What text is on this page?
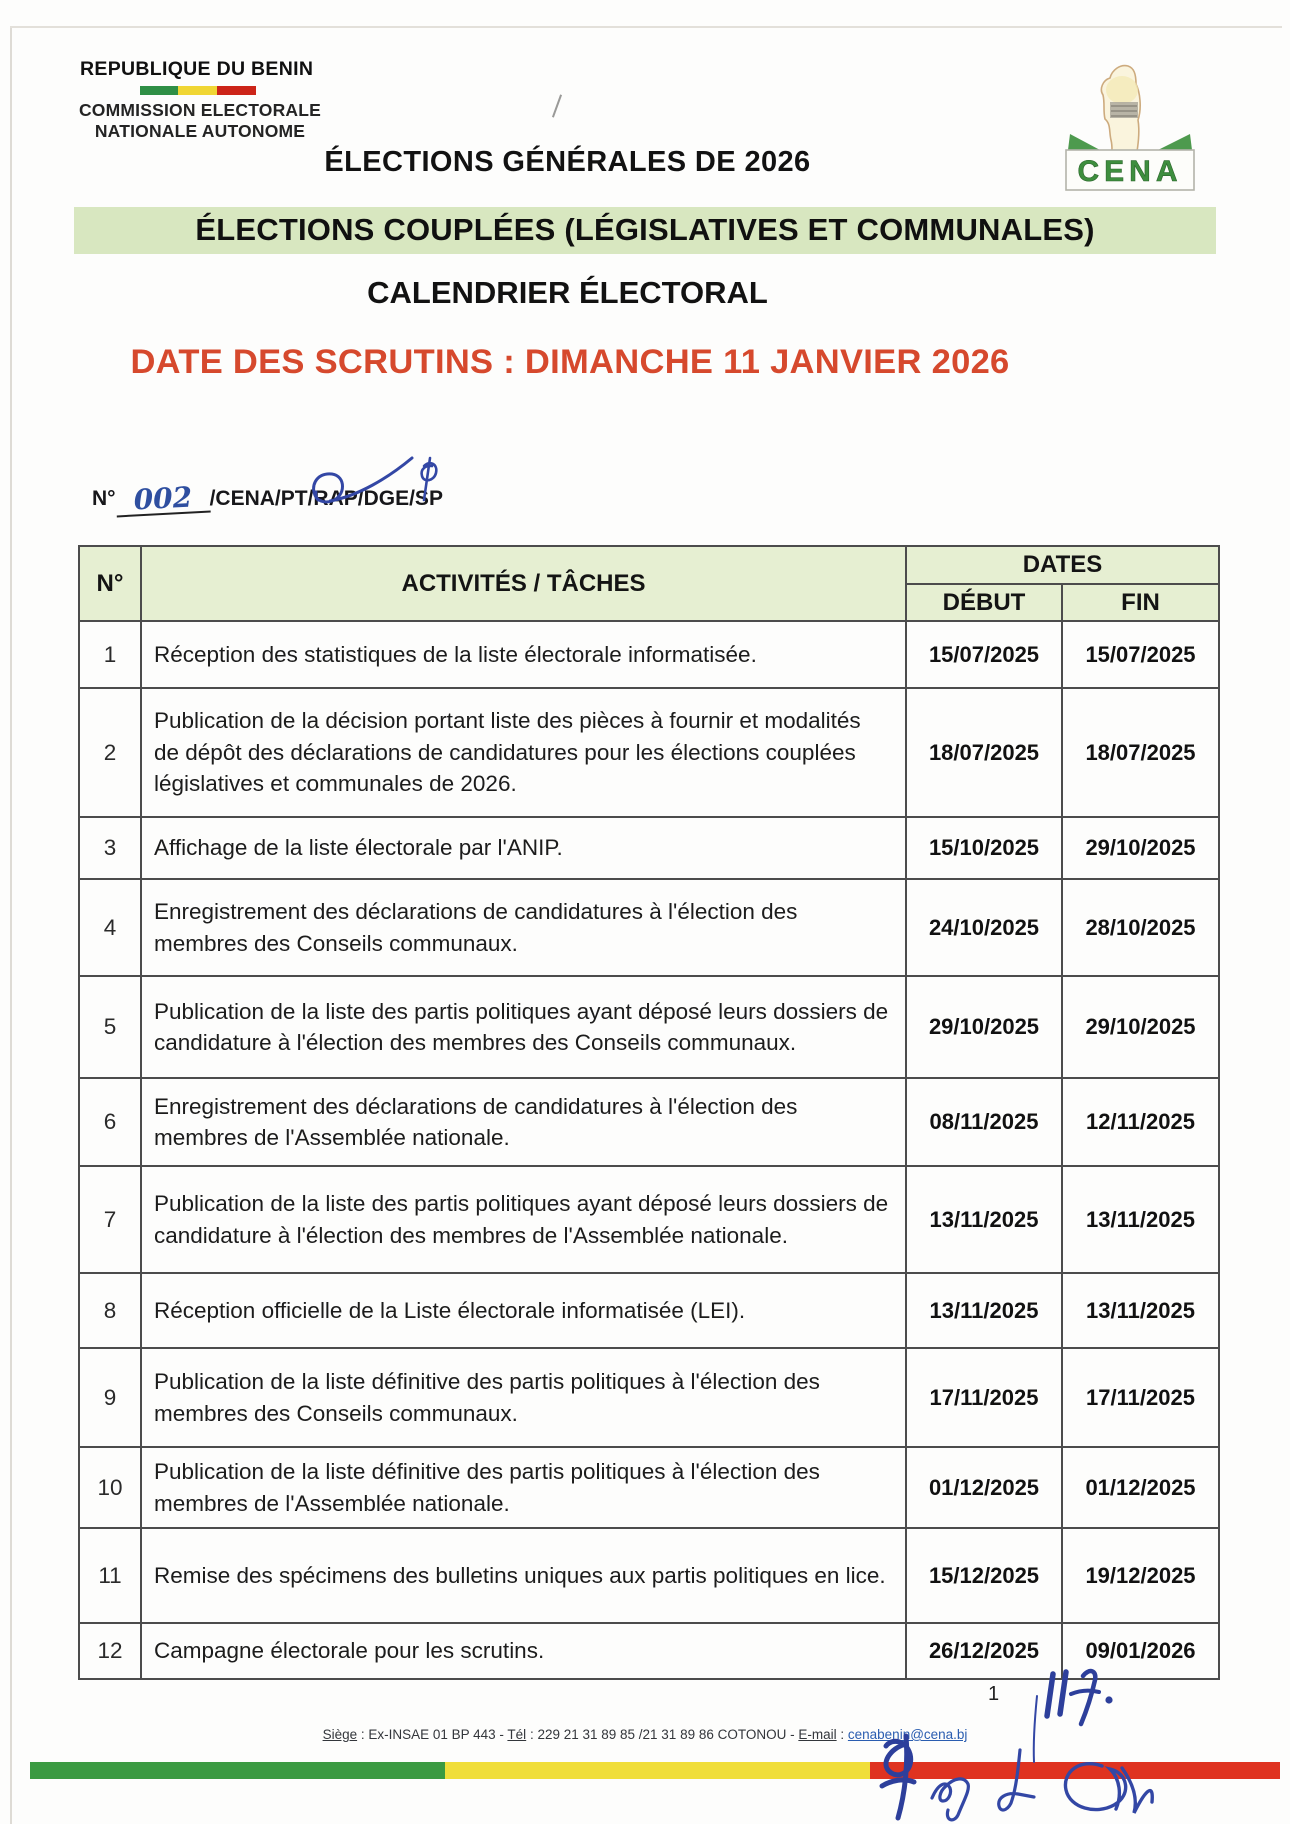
REPUBLIQUE DU BENIN
COMMISSION ELECTORALE
NATIONALE AUTONOME
CENA
ÉLECTIONS GÉNÉRALES DE 2026
ÉLECTIONS COUPLÉES (LÉGISLATIVES ET COMMUNALES)
CALENDRIER ÉLECTORAL
DATE DES SCRUTINS : DIMANCHE 11 JANVIER 2026
N° 002 /CENA/PT/RAP/DGE/SP
N°	ACTIVITÉS / TÂCHES	DATES	
		DÉBUT	FIN
1	Réception des statistiques de la liste électorale informatisée.	15/07/2025	15/07/2025
2	Publication de la décision portant liste des pièces à fournir et modalités de dépôt des déclarations de candidatures pour les élections couplées législatives et communales de 2026.	18/07/2025	18/07/2025
3	Affichage de la liste électorale par l'ANIP.	15/10/2025	29/10/2025
4	Enregistrement des déclarations de candidatures à l'élection des membres des Conseils communaux.	24/10/2025	28/10/2025
5	Publication de la liste des partis politiques ayant déposé leurs dossiers de candidature à l'élection des membres des Conseils communaux.	29/10/2025	29/10/2025
6	Enregistrement des déclarations de candidatures à l'élection des membres de l'Assemblée nationale.	08/11/2025	12/11/2025
7	Publication de la liste des partis politiques ayant déposé leurs dossiers de candidature à l'élection des membres de l'Assemblée nationale.	13/11/2025	13/11/2025
8	Réception officielle de la Liste électorale informatisée (LEI).	13/11/2025	13/11/2025
9	Publication de la liste définitive des partis politiques à l'élection des membres des Conseils communaux.	17/11/2025	17/11/2025
10	Publication de la liste définitive des partis politiques à l'élection des membres de l'Assemblée nationale.	01/12/2025	01/12/2025
11	Remise des spécimens des bulletins uniques aux partis politiques en lice.	15/12/2025	19/12/2025
12	Campagne électorale pour les scrutins.	26/12/2025	09/01/2026
1
Siège : Ex-INSAE 01 BP 443 - Tél : 229 21 31 89 85 /21 31 89 86 COTONOU - E-mail : cenabenin@cena.bj
